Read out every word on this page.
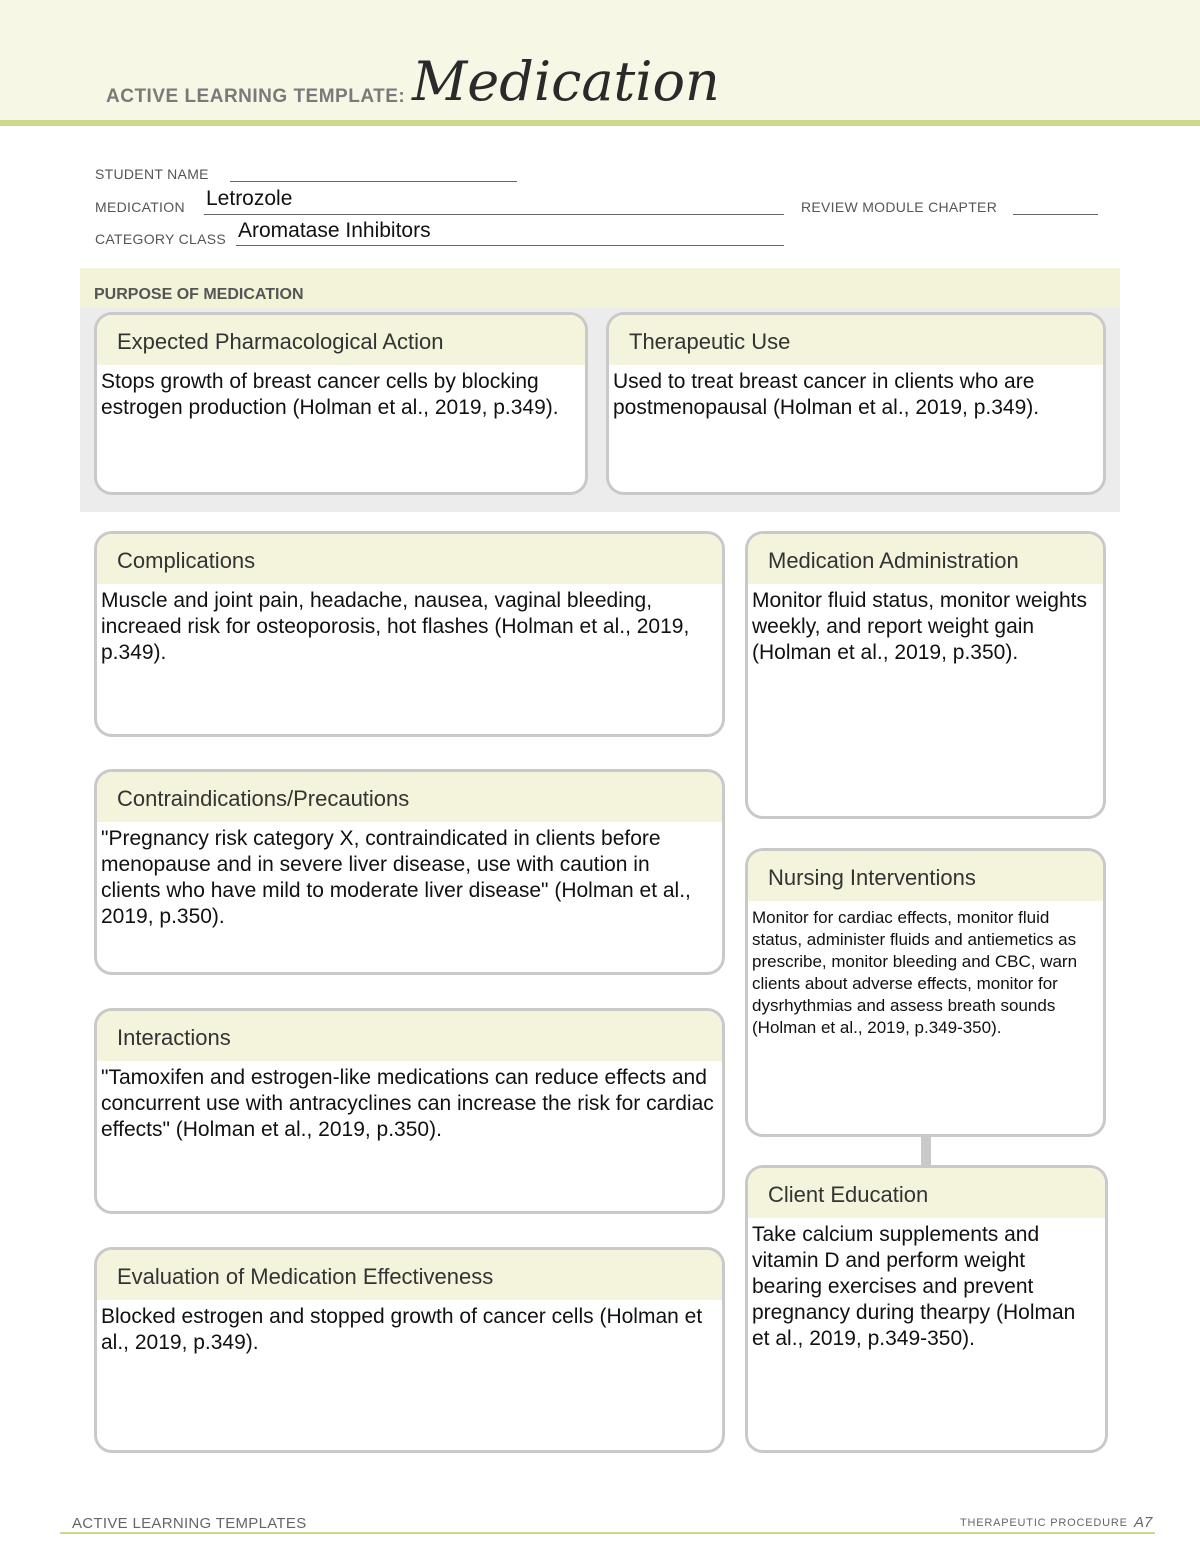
ACTIVE LEARNING TEMPLATE: Medication
STUDENT NAME
MEDICATION Letrozole	REVIEW MODULE CHAPTER
CATEGORY CLASS Aromatase Inhibitors
PURPOSE OF MEDICATION
Expected Pharmacological Action
Stops growth of breast cancer cells by blocking estrogen production (Holman et al., 2019, p.349).
Therapeutic Use
Used to treat breast cancer in clients who are postmenopausal (Holman et al., 2019, p.349).
Complications
Muscle and joint pain, headache, nausea, vaginal bleeding, increaed risk for osteoporosis, hot flashes (Holman et al., 2019, p.349).
Contraindications/Precautions
"Pregnancy risk category X, contraindicated in clients before menopause and in severe liver disease, use with caution in clients who have mild to moderate liver disease" (Holman et al., 2019, p.350).
Interactions
"Tamoxifen and estrogen-like medications can reduce effects and concurrent use with antracyclines can increase the risk for cardiac effects" (Holman et al., 2019, p.350).
Evaluation of Medication Effectiveness
Blocked estrogen and stopped growth of cancer cells (Holman et al., 2019, p.349).
Medication Administration
Monitor fluid status, monitor weights weekly, and report weight gain (Holman et al., 2019, p.350).
Nursing Interventions
Monitor for cardiac effects, monitor fluid status, administer fluids and antiemetics as prescribe, monitor bleeding and CBC, warn clients about adverse effects, monitor for dysrhythmias and assess breath sounds (Holman et al., 2019, p.349-350).
Client Education
Take calcium supplements and vitamin D and perform weight bearing exercises and prevent pregnancy during thearpy (Holman et al., 2019, p.349-350).
ACTIVE LEARNING TEMPLATES	THERAPEUTIC PROCEDURE A7
